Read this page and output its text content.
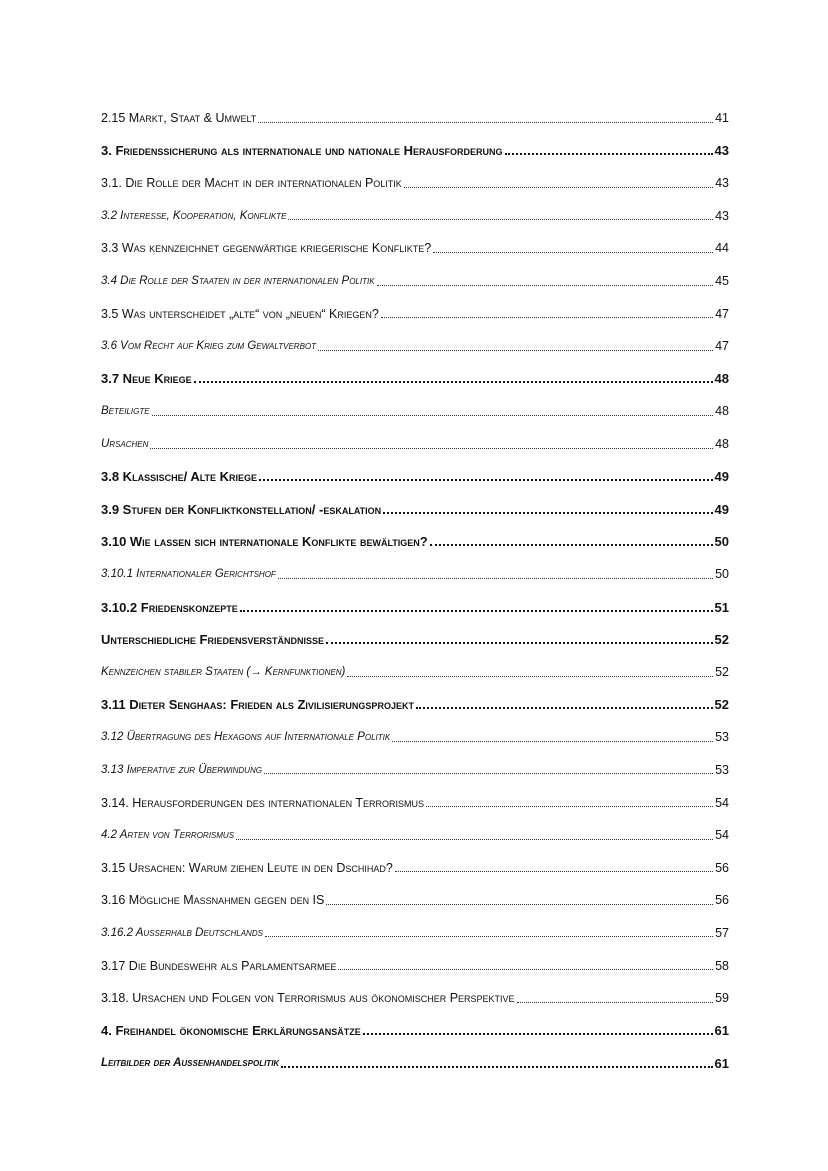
2.15 Markt, Staat & Umwelt	41
3. Friedenssicherung als internationale und nationale Herausforderung	43
3.1. Die Rolle der Macht in der internationalen Politik	43
3.2 Interesse, Kooperation, Konflikte	43
3.3 Was kennzeichnet gegenwärtige kriegerische Konflikte?	44
3.4 Die Rolle der Staaten in der internationalen Politik	45
3.5 Was unterscheidet „alte“ von „neuen“ Kriegen?	47
3.6 Vom Recht auf Krieg zum Gewaltverbot	47
3.7 Neue Kriege	48
Beteiligte	48
Ursachen	48
3.8 Klassische/ Alte Kriege	49
3.9 Stufen der Konfliktkonstellation/ -eskalation	49
3.10 Wie lassen sich internationale Konflikte bewältigen?	50
3.10.1 Internationaler Gerichtshof	50
3.10.2 Friedenskonzepte	51
Unterschiedliche Friedensverständnisse	52
Kennzeichen stabiler Staaten (→ Kernfunktionen)	52
3.11 Dieter Senghaas: Frieden als Zivilisierungsprojekt	52
3.12 Übertragung des Hexagons auf Internationale Politik	53
3.13 Imperative zur Überwindung	53
3.14. Herausforderungen des internationalen Terrorismus	54
4.2 Arten von Terrorismus	54
3.15 Ursachen: Warum ziehen Leute in den Dschihad?	56
3.16 Mögliche Maßnahmen gegen den IS	56
3.16.2 Außerhalb Deutschlands	57
3.17 Die Bundeswehr als Parlamentsarmee	58
3.18. Ursachen und Folgen von Terrorismus aus ökonomischer Perspektive	59
4. Freihandel ökonomische Erklärungsansätze	61
Leitbilder der Außenhandelspolitik	61
